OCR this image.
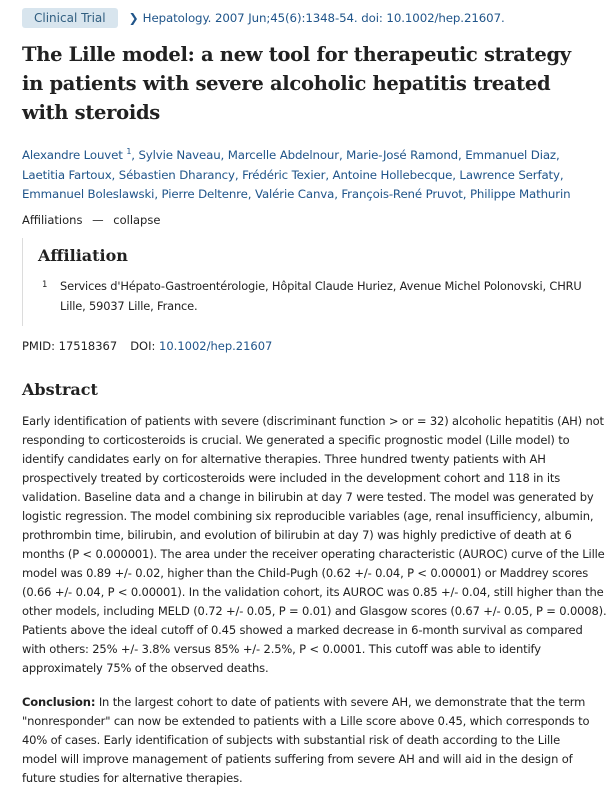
Clinical Trial	❯ Hepatology. 2007 Jun;45(6):1348-54. doi: 10.1002/hep.21607.
The Lille model: a new tool for therapeutic strategy in patients with severe alcoholic hepatitis treated with steroids
Alexandre Louvet $^1$, Sylvie Naveau, Marcelle Abdelnour, Marie-José Ramond, Emmanuel Diaz, Laetitia Fartoux, Sébastien Dharancy, Frédéric Texier, Antoine Hollebecque, Lawrence Serfaty, Emmanuel Boleslawski, Pierre Deltenre, Valérie Canva, François-René Pruvot, Philippe Mathurin
Affiliations — collapse
Affiliation
1 Services d'Hépato-Gastroentérologie, Hôpital Claude Huriez, Avenue Michel Polonovski, CHRU Lille, 59037 Lille, France.
PMID: 17518367 DOI: 10.1002/hep.21607
Abstract

Early identification of patients with severe (discriminant function > or = 32) alcoholic hepatitis (AH) not responding to corticosteroids is crucial. We generated a specific prognostic model (Lille model) to identify candidates early on for alternative therapies. Three hundred twenty patients with AH prospectively treated by corticosteroids were included in the development cohort and 118 in its validation. Baseline data and a change in bilirubin at day 7 were tested. The model was generated by logistic regression. The model combining six reproducible variables (age, renal insufficiency, albumin, prothrombin time, bilirubin, and evolution of bilirubin at day 7) was highly predictive of death at 6 months (P < 0.000001). The area under the receiver operating characteristic (AUROC) curve of the Lille model was 0.89 +/- 0.02, higher than the Child-Pugh (0.62 +/- 0.04, P < 0.00001) or Maddrey scores (0.66 +/- 0.04, P < 0.00001). In the validation cohort, its AUROC was 0.85 +/- 0.04, still higher than the other models, including MELD (0.72 +/- 0.05, P = 0.01) and Glasgow scores (0.67 +/- 0.05, P = 0.0008). Patients above the ideal cutoff of 0.45 showed a marked decrease in 6-month survival as compared with others: 25% +/- 3.8% versus 85% +/- 2.5%, P < 0.0001. This cutoff was able to identify approximately 75% of the observed deaths.

Conclusion: In the largest cohort to date of patients with severe AH, we demonstrate that the term "nonresponder" can now be extended to patients with a Lille score above 0.45, which corresponds to 40% of cases. Early identification of subjects with substantial risk of death according to the Lille model will improve management of patients suffering from severe AH and will aid in the design of future studies for alternative therapies.
